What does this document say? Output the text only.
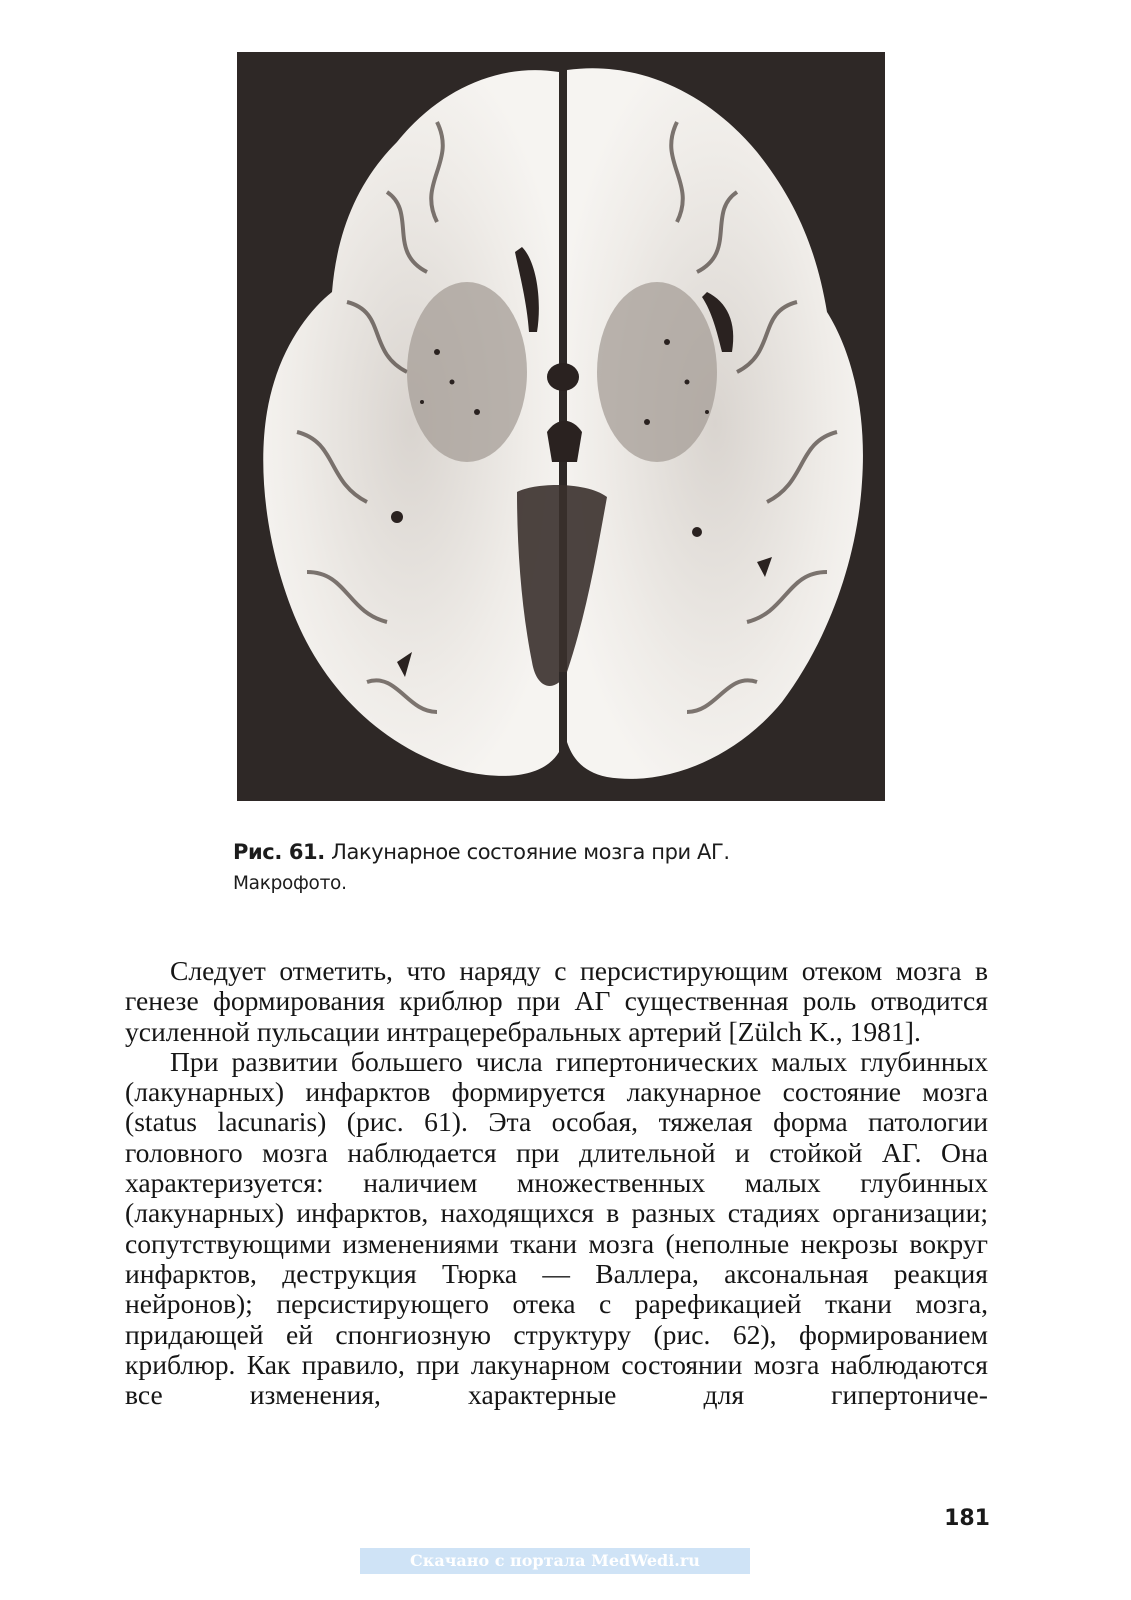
Рис. 61. Лакунарное состояние мозга при АГ.
Макрофото.

Следует отметить, что наряду с персистирующим отеком мозга в генезе формирования криблюр при АГ существенная роль отводится усиленной пульсации интрацеребральных артерий [Zülch K., 1981].

При развитии большего числа гипертонических малых глубинных (лакунарных) инфарктов формируется лакунарное состояние мозга (status lacunaris) (рис. 61). Эта особая, тяжелая форма патологии головного мозга наблюдается при длительной и стойкой АГ. Она характеризуется: наличием множественных малых глубинных (лакунарных) инфарктов, находящихся в разных стадиях организации; сопутствующими изменениями ткани мозга (неполные некрозы вокруг инфарктов, деструкция Тюрка — Валлера, аксональная реакция нейронов); персистирующего отека с рарефикацией ткани мозга, придающей ей спонгиозную структуру (рис. 62), формированием криблюр. Как правило, при лакунарном состоянии мозга наблюдаются все изменения, характерные для гипертониче-

181
Скачано с портала MedWedi.ru
